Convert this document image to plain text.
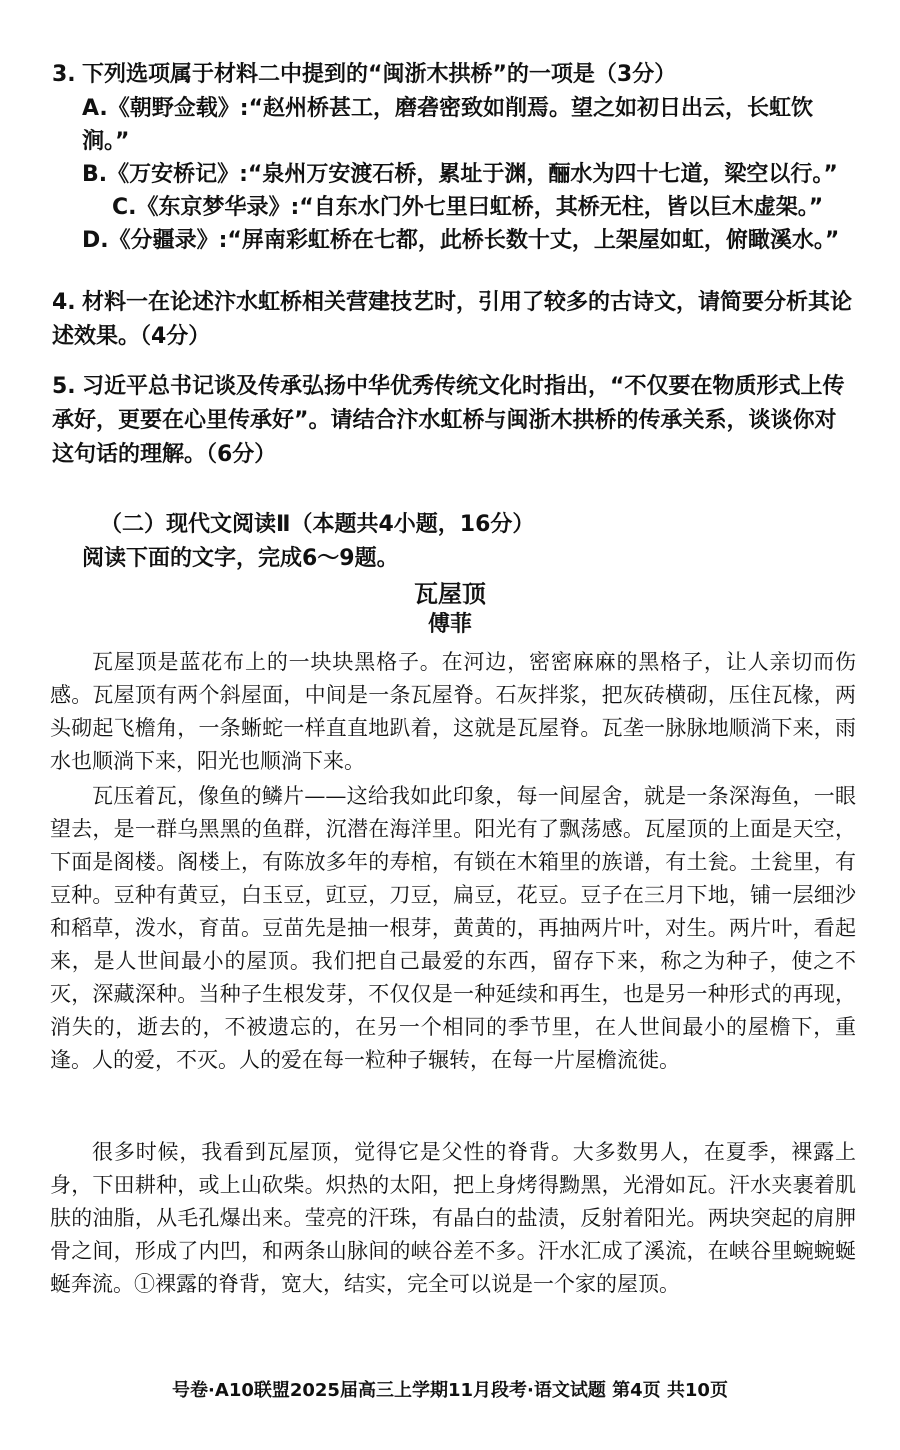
3. 下列选项属于材料二中提到的“闽浙木拱桥”的一项是（3分）
A.《朝野佥载》:“赵州桥甚工，磨砻密致如削焉。望之如初日出云，长虹饮涧。”
B.《万安桥记》:“泉州万安渡石桥，累址于渊，酾水为四十七道，梁空以行。”
C.《东京梦华录》:“自东水门外七里曰虹桥，其桥无柱，皆以巨木虚架。”
D.《分疆录》:“屏南彩虹桥在七都，此桥长数十丈，上架屋如虹，俯瞰溪水。”
4. 材料一在论述汴水虹桥相关营建技艺时，引用了较多的古诗文，请简要分析其论述效果。（4分）
5. 习近平总书记谈及传承弘扬中华优秀传统文化时指出，“不仅要在物质形式上传承好，更要在心里传承好”。请结合汴水虹桥与闽浙木拱桥的传承关系，谈谈你对这句话的理解。（6分）
（二）现代文阅读Ⅱ（本题共4小题，16分）
阅读下面的文字，完成6～9题。
瓦屋顶
傅菲
瓦屋顶是蓝花布上的一块块黑格子。在河边，密密麻麻的黑格子，让人亲切而伤感。瓦屋顶有两个斜屋面，中间是一条瓦屋脊。石灰拌浆，把灰砖横砌，压住瓦椽，两头砌起飞檐角，一条蜥蛇一样直直地趴着，这就是瓦屋脊。瓦垄一脉脉地顺淌下来，雨水也顺淌下来，阳光也顺淌下来。
瓦压着瓦，像鱼的鳞片——这给我如此印象，每一间屋舍，就是一条深海鱼，一眼望去，是一群乌黑黑的鱼群，沉潜在海洋里。阳光有了飘荡感。瓦屋顶的上面是天空，下面是阁楼。阁楼上，有陈放多年的寿棺，有锁在木箱里的族谱，有土瓮。土瓮里，有豆种。豆种有黄豆，白玉豆，豇豆，刀豆，扁豆，花豆。豆子在三月下地，铺一层细沙和稻草，泼水，育苗。豆苗先是抽一根芽，黄黄的，再抽两片叶，对生。两片叶，看起来，是人世间最小的屋顶。我们把自己最爱的东西，留存下来，称之为种子，使之不灭，深藏深种。当种子生根发芽，不仅仅是一种延续和再生，也是另一种形式的再现，消失的，逝去的，不被遗忘的，在另一个相同的季节里，在人世间最小的屋檐下，重逢。人的爱，不灭。人的爱在每一粒种子辗转，在每一片屋檐流徙。
很多时候，我看到瓦屋顶，觉得它是父性的脊背。大多数男人，在夏季，裸露上身，下田耕种，或上山砍柴。炽热的太阳，把上身烤得黝黑，光滑如瓦。汗水夹裹着肌肤的油脂，从毛孔爆出来。莹亮的汗珠，有晶白的盐渍，反射着阳光。两块突起的肩胛骨之间，形成了内凹，和两条山脉间的峡谷差不多。汗水汇成了溪流，在峡谷里蜿蜿蜒蜒奔流。①裸露的脊背，宽大，结实，完全可以说是一个家的屋顶。
号卷·A10联盟2025届高三上学期11月段考·语文试题 第4页 共10页
